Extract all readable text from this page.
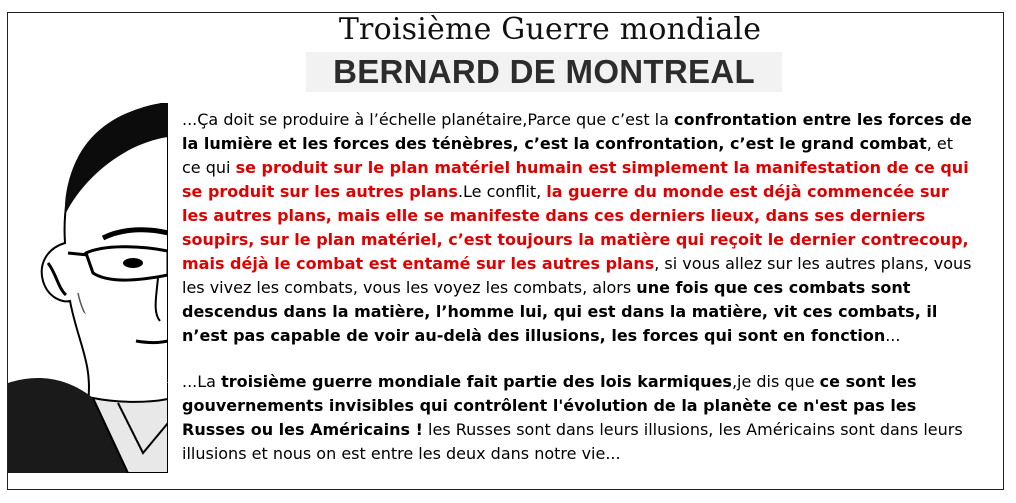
Troisième Guerre mondiale
BERNARD DE MONTREAL
...Ça doit se produire à l’échelle planétaire,Parce que c’est la confrontation entre les forces de la lumière et les forces des ténèbres, c’est la confrontation, c’est le grand combat, et ce qui se produit sur le plan matériel humain est simplement la manifestation de ce qui se produit sur les autres plans.Le conflit, la guerre du monde est déjà commencée sur les autres plans, mais elle se manifeste dans ces derniers lieux, dans ses derniers soupirs, sur le plan matériel, c’est toujours la matière qui reçoit le dernier contrecoup, mais déjà le combat est entamé sur les autres plans, si vous allez sur les autres plans, vous les vivez les combats, vous les voyez les combats, alors une fois que ces combats sont descendus dans la matière, l’homme lui, qui est dans la matière, vit ces combats, il n’est pas capable de voir au-delà des illusions, les forces qui sont en fonction...
...La troisième guerre mondiale fait partie des lois karmiques,je dis que ce sont les gouvernements invisibles qui contrôlent l'évolution de la planète ce n'est pas les Russes ou les Américains ! les Russes sont dans leurs illusions, les Américains sont dans leurs illusions et nous on est entre les deux dans notre vie...
